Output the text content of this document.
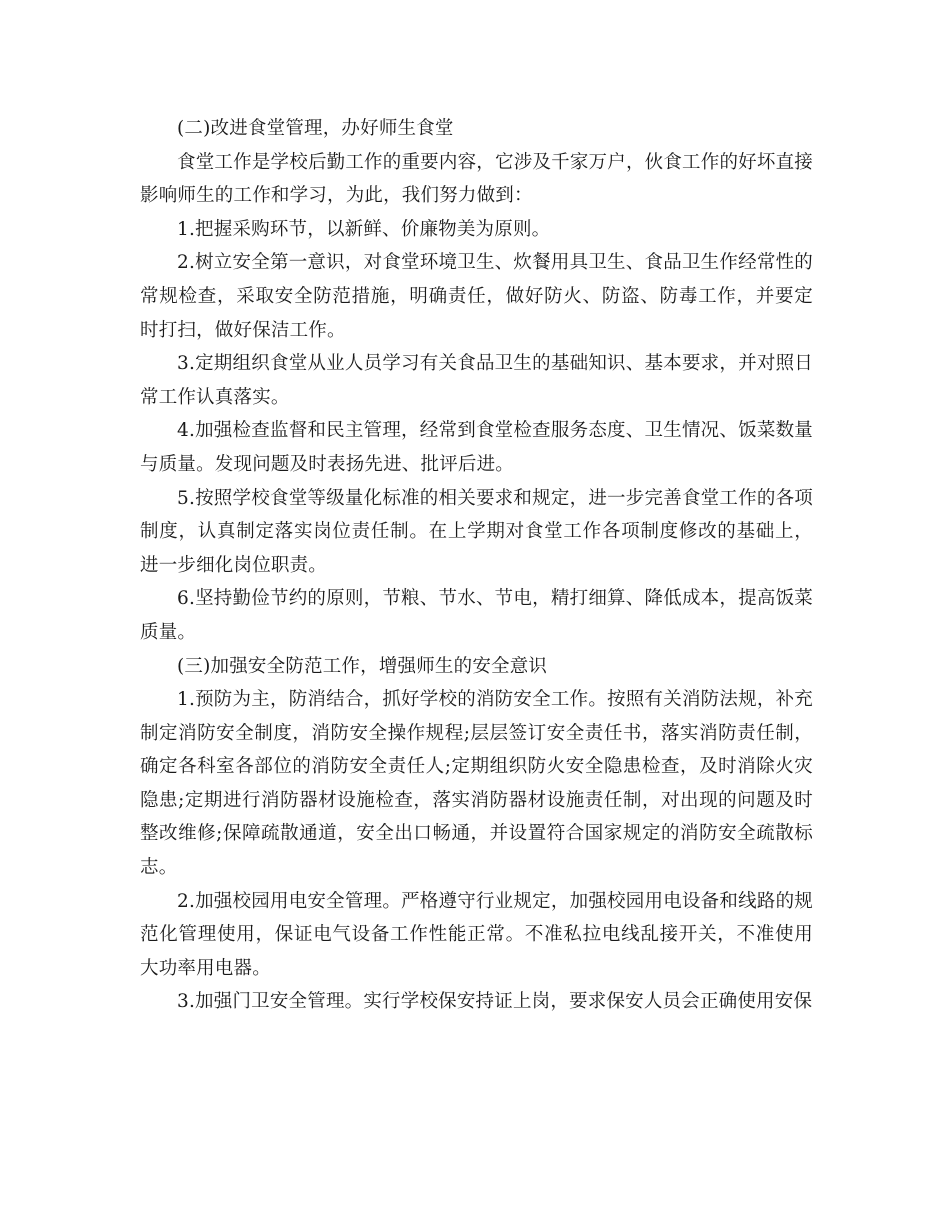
(二)改进食堂管理，办好师生食堂

食堂工作是学校后勤工作的重要内容，它涉及千家万户，伙食工作的好坏直接影响师生的工作和学习，为此，我们努力做到：

1.把握采购环节，以新鲜、价廉物美为原则。

2.树立安全第一意识，对食堂环境卫生、炊餐用具卫生、食品卫生作经常性的常规检查，采取安全防范措施，明确责任，做好防火、防盗、防毒工作，并要定时打扫，做好保洁工作。

3.定期组织食堂从业人员学习有关食品卫生的基础知识、基本要求，并对照日常工作认真落实。

4.加强检查监督和民主管理，经常到食堂检查服务态度、卫生情况、饭菜数量与质量。发现问题及时表扬先进、批评后进。

5.按照学校食堂等级量化标准的相关要求和规定，进一步完善食堂工作的各项制度，认真制定落实岗位责任制。在上学期对食堂工作各项制度修改的基础上，进一步细化岗位职责。

6.坚持勤俭节约的原则，节粮、节水、节电，精打细算、降低成本，提高饭菜质量。

(三)加强安全防范工作，增强师生的安全意识

1.预防为主，防消结合，抓好学校的消防安全工作。按照有关消防法规，补充制定消防安全制度，消防安全操作规程;层层签订安全责任书，落实消防责任制，确定各科室各部位的消防安全责任人;定期组织防火安全隐患检查，及时消除火灾隐患;定期进行消防器材设施检查，落实消防器材设施责任制，对出现的问题及时整改维修;保障疏散通道，安全出口畅通，并设置符合国家规定的消防安全疏散标志。

2.加强校园用电安全管理。严格遵守行业规定，加强校园用电设备和线路的规范化管理使用，保证电气设备工作性能正常。不准私拉电线乱接开关，不准使用大功率用电器。

3.加强门卫安全管理。实行学校保安持证上岗，要求保安人员会正确使用安保
